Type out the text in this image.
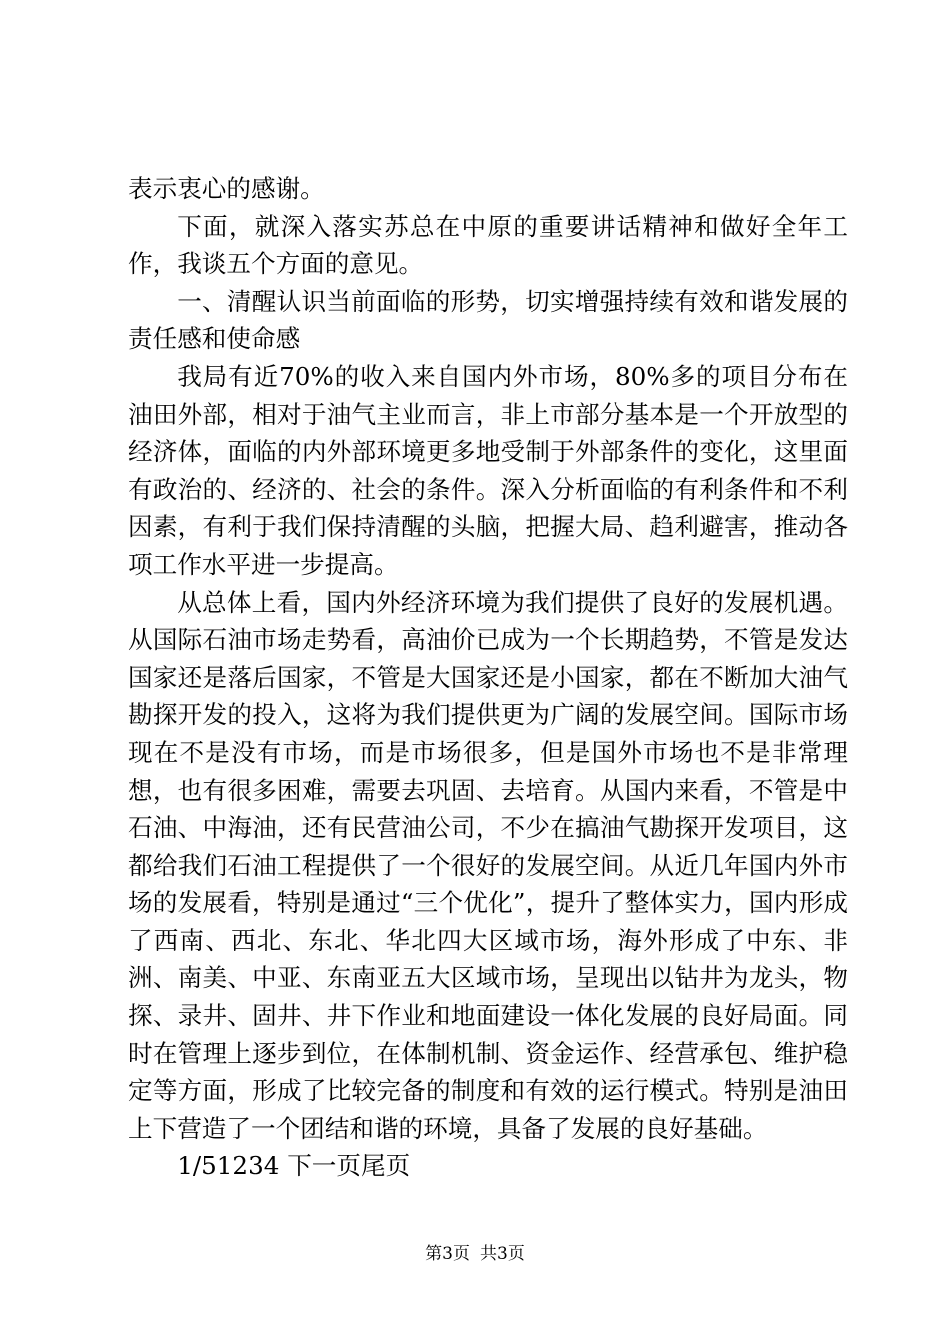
表示衷心的感谢。

下面，就深入落实苏总在中原的重要讲话精神和做好全年工作，我谈五个方面的意见。

一、清醒认识当前面临的形势，切实增强持续有效和谐发展的责任感和使命感

我局有近70%的收入来自国内外市场，80%多的项目分布在油田外部，相对于油气主业而言，非上市部分基本是一个开放型的经济体，面临的内外部环境更多地受制于外部条件的变化，这里面有政治的、经济的、社会的条件。深入分析面临的有利条件和不利因素，有利于我们保持清醒的头脑，把握大局、趋利避害，推动各项工作水平进一步提高。

从总体上看，国内外经济环境为我们提供了良好的发展机遇。从国际石油市场走势看，高油价已成为一个长期趋势，不管是发达国家还是落后国家，不管是大国家还是小国家，都在不断加大油气勘探开发的投入，这将为我们提供更为广阔的发展空间。国际市场现在不是没有市场，而是市场很多，但是国外市场也不是非常理想，也有很多困难，需要去巩固、去培育。从国内来看，不管是中石油、中海油，还有民营油公司，不少在搞油气勘探开发项目，这都给我们石油工程提供了一个很好的发展空间。从近几年国内外市场的发展看，特别是通过“三个优化”，提升了整体实力，国内形成了西南、西北、东北、华北四大区域市场，海外形成了中东、非洲、南美、中亚、东南亚五大区域市场，呈现出以钻井为龙头，物探、录井、固井、井下作业和地面建设一体化发展的良好局面。同时在管理上逐步到位，在体制机制、资金运作、经营承包、维护稳定等方面，形成了比较完备的制度和有效的运行模式。特别是油田上下营造了一个团结和谐的环境，具备了发展的良好基础。

1/51234 下一页尾页

第3页 共3页
